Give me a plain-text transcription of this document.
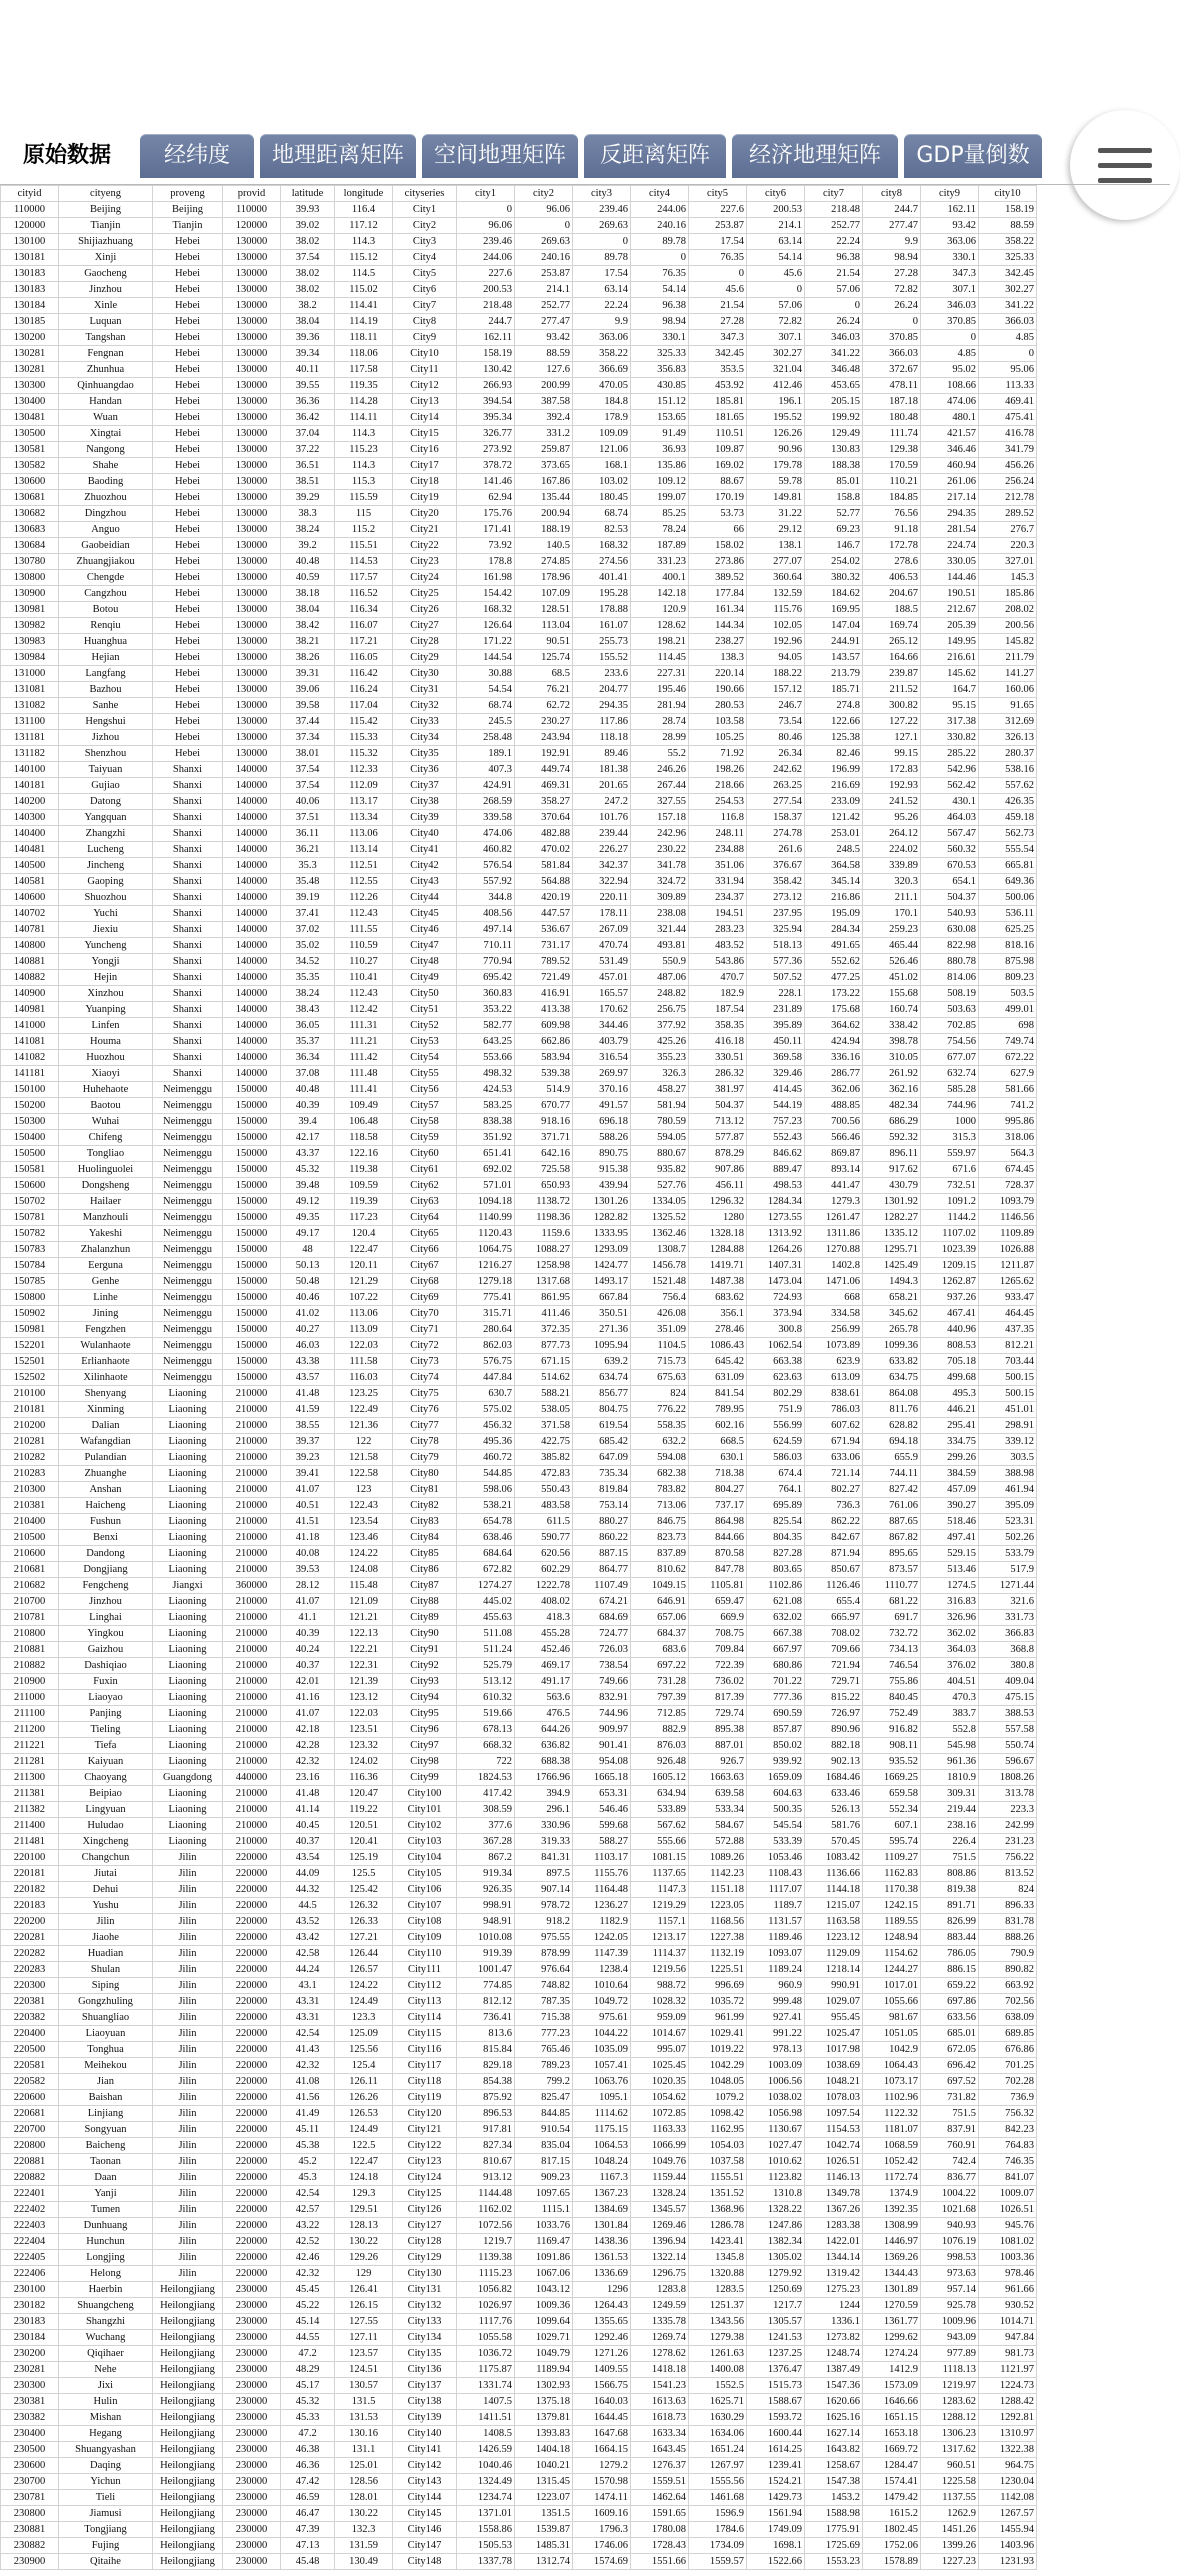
原始数据	经纬度	地理距离矩阵	空间地理矩阵	反距离矩阵	经济地理矩阵	GDP量倒数
cityid	cityeng	proveng	provid	latitude	longitude	cityseries	city1	city2	city3	city4	city5	city6	city7	city8	city9	city10
110000	Beijing	Beijing	110000	39.93	116.4	City1	0	96.06	239.46	244.06	227.6	200.53	218.48	244.7	162.11	158.19
120000	Tianjin	Tianjin	120000	39.02	117.12	City2	96.06	0	269.63	240.16	253.87	214.1	252.77	277.47	93.42	88.59
130100	Shijiazhuang	Hebei	130000	38.02	114.3	City3	239.46	269.63	0	89.78	17.54	63.14	22.24	9.9	363.06	358.22
130181	Xinji	Hebei	130000	37.54	115.12	City4	244.06	240.16	89.78	0	76.35	54.14	96.38	98.94	330.1	325.33
130183	Gaocheng	Hebei	130000	38.02	114.5	City5	227.6	253.87	17.54	76.35	0	45.6	21.54	27.28	347.3	342.45
130183	Jinzhou	Hebei	130000	38.02	115.02	City6	200.53	214.1	63.14	54.14	45.6	0	57.06	72.82	307.1	302.27
130184	Xinle	Hebei	130000	38.2	114.41	City7	218.48	252.77	22.24	96.38	21.54	57.06	0	26.24	346.03	341.22
130185	Luquan	Hebei	130000	38.04	114.19	City8	244.7	277.47	9.9	98.94	27.28	72.82	26.24	0	370.85	366.03
130200	Tangshan	Hebei	130000	39.36	118.11	City9	162.11	93.42	363.06	330.1	347.3	307.1	346.03	370.85	0	4.85
130281	Fengnan	Hebei	130000	39.34	118.06	City10	158.19	88.59	358.22	325.33	342.45	302.27	341.22	366.03	4.85	0
130281	Zhunhua	Hebei	130000	40.11	117.58	City11	130.42	127.6	366.69	356.83	353.5	321.04	346.48	372.67	95.02	95.06
130300	Qinhuangdao	Hebei	130000	39.55	119.35	City12	266.93	200.99	470.05	430.85	453.92	412.46	453.65	478.11	108.66	113.33
130400	Handan	Hebei	130000	36.36	114.28	City13	394.54	387.58	184.8	151.12	185.81	196.1	205.15	187.18	474.06	469.41
130481	Wuan	Hebei	130000	36.42	114.11	City14	395.34	392.4	178.9	153.65	181.65	195.52	199.92	180.48	480.1	475.41
130500	Xingtai	Hebei	130000	37.04	114.3	City15	326.77	331.2	109.09	91.49	110.51	126.26	129.49	111.74	421.57	416.78
130581	Nangong	Hebei	130000	37.22	115.23	City16	273.92	259.87	121.06	36.93	109.87	90.96	130.83	129.38	346.46	341.79
130582	Shahe	Hebei	130000	36.51	114.3	City17	378.72	373.65	168.1	135.86	169.02	179.78	188.38	170.59	460.94	456.26
130600	Baoding	Hebei	130000	38.51	115.3	City18	141.46	167.86	103.02	109.12	88.67	59.78	85.01	110.21	261.06	256.24
130681	Zhuozhou	Hebei	130000	39.29	115.59	City19	62.94	135.44	180.45	199.07	170.19	149.81	158.8	184.85	217.14	212.78
130682	Dingzhou	Hebei	130000	38.3	115	City20	175.76	200.94	68.74	85.25	53.73	31.22	52.77	76.56	294.35	289.52
130683	Anguo	Hebei	130000	38.24	115.2	City21	171.41	188.19	82.53	78.24	66	29.12	69.23	91.18	281.54	276.7
130684	Gaobeidian	Hebei	130000	39.2	115.51	City22	73.92	140.5	168.32	187.89	158.02	138.1	146.7	172.78	224.74	220.3
130780	Zhuangjiakou	Hebei	130000	40.48	114.53	City23	178.8	274.85	274.56	331.23	273.86	277.07	254.02	278.6	330.05	327.01
130800	Chengde	Hebei	130000	40.59	117.57	City24	161.98	178.96	401.41	400.1	389.52	360.64	380.32	406.53	144.46	145.3
130900	Cangzhou	Hebei	130000	38.18	116.52	City25	154.42	107.09	195.28	142.18	177.84	132.59	184.62	204.67	190.51	185.86
130981	Botou	Hebei	130000	38.04	116.34	City26	168.32	128.51	178.88	120.9	161.34	115.76	169.95	188.5	212.67	208.02
130982	Renqiu	Hebei	130000	38.42	116.07	City27	126.64	113.04	161.07	128.62	144.34	102.05	147.04	169.74	205.39	200.56
130983	Huanghua	Hebei	130000	38.21	117.21	City28	171.22	90.51	255.73	198.21	238.27	192.96	244.91	265.12	149.95	145.82
130984	Hejian	Hebei	130000	38.26	116.05	City29	144.54	125.74	155.52	114.45	138.3	94.05	143.57	164.66	216.61	211.79
131000	Langfang	Hebei	130000	39.31	116.42	City30	30.88	68.5	233.6	227.31	220.14	188.22	213.79	239.87	145.62	141.27
131081	Bazhou	Hebei	130000	39.06	116.24	City31	54.54	76.21	204.77	195.46	190.66	157.12	185.71	211.52	164.7	160.06
131082	Sanhe	Hebei	130000	39.58	117.04	City32	68.74	62.72	294.35	281.94	280.53	246.7	274.8	300.82	95.15	91.65
131100	Hengshui	Hebei	130000	37.44	115.42	City33	245.5	230.27	117.86	28.74	103.58	73.54	122.66	127.22	317.38	312.69
131181	Jizhou	Hebei	130000	37.34	115.33	City34	258.48	243.94	118.18	28.99	105.25	80.46	125.38	127.1	330.82	326.13
131182	Shenzhou	Hebei	130000	38.01	115.32	City35	189.1	192.91	89.46	55.2	71.92	26.34	82.46	99.15	285.22	280.37
140100	Taiyuan	Shanxi	140000	37.54	112.33	City36	407.3	449.74	181.38	246.26	198.26	242.62	196.99	172.83	542.96	538.16
140181	Gujiao	Shanxi	140000	37.54	112.09	City37	424.91	469.31	201.65	267.44	218.66	263.25	216.69	192.93	562.42	557.62
140200	Datong	Shanxi	140000	40.06	113.17	City38	268.59	358.27	247.2	327.55	254.53	277.54	233.09	241.52	430.1	426.35
140300	Yangquan	Shanxi	140000	37.51	113.34	City39	339.58	370.64	101.76	157.18	116.8	158.37	121.42	95.26	464.03	459.18
140400	Zhangzhi	Shanxi	140000	36.11	113.06	City40	474.06	482.88	239.44	242.96	248.11	274.78	253.01	264.12	567.47	562.73
140481	Lucheng	Shanxi	140000	36.21	113.14	City41	460.82	470.02	226.27	230.22	234.88	261.6	248.5	224.02	560.32	555.54
140500	Jincheng	Shanxi	140000	35.3	112.51	City42	576.54	581.84	342.37	341.78	351.06	376.67	364.58	339.89	670.53	665.81
140581	Gaoping	Shanxi	140000	35.48	112.55	City43	557.92	564.88	322.94	324.72	331.94	358.42	345.14	320.3	654.1	649.36
140600	Shuozhou	Shanxi	140000	39.19	112.26	City44	344.8	420.19	220.11	309.89	234.37	273.12	216.86	211.1	504.37	500.06
140702	Yuchi	Shanxi	140000	37.41	112.43	City45	408.56	447.57	178.11	238.08	194.51	237.95	195.09	170.1	540.93	536.11
140781	Jiexiu	Shanxi	140000	37.02	111.55	City46	497.14	536.67	267.09	321.44	283.23	325.94	284.34	259.23	630.08	625.25
140800	Yuncheng	Shanxi	140000	35.02	110.59	City47	710.11	731.17	470.74	493.81	483.52	518.13	491.65	465.44	822.98	818.16
140881	Yongji	Shanxi	140000	34.52	110.27	City48	770.94	789.52	531.49	550.9	543.86	577.36	552.62	526.46	880.78	875.98
140882	Hejin	Shanxi	140000	35.35	110.41	City49	695.42	721.49	457.01	487.06	470.7	507.52	477.25	451.02	814.06	809.23
140900	Xinzhou	Shanxi	140000	38.24	112.43	City50	360.83	416.91	165.57	248.82	182.9	228.1	173.22	155.68	508.19	503.5
140981	Yuanping	Shanxi	140000	38.43	112.42	City51	353.22	413.38	170.62	256.75	187.54	231.89	175.68	160.74	503.63	499.01
141000	Linfen	Shanxi	140000	36.05	111.31	City52	582.77	609.98	344.46	377.92	358.35	395.89	364.62	338.42	702.85	698
141081	Houma	Shanxi	140000	35.37	111.21	City53	643.25	662.86	403.79	425.26	416.18	450.11	424.94	398.78	754.56	749.74
141082	Huozhou	Shanxi	140000	36.34	111.42	City54	553.66	583.94	316.54	355.23	330.51	369.58	336.16	310.05	677.07	672.22
141181	Xiaoyi	Shanxi	140000	37.08	111.48	City55	498.32	539.38	269.97	326.3	286.32	329.46	286.77	261.92	632.74	627.9
150100	Huhehaote	Neimenggu	150000	40.48	111.41	City56	424.53	514.9	370.16	458.27	381.97	414.45	362.06	362.16	585.28	581.66
150200	Baotou	Neimenggu	150000	40.39	109.49	City57	583.25	670.77	491.57	581.94	504.37	544.19	488.85	482.34	744.96	741.2
150300	Wuhai	Neimenggu	150000	39.4	106.48	City58	838.38	918.16	696.18	780.59	713.12	757.23	700.56	686.29	1000	995.86
150400	Chifeng	Neimenggu	150000	42.17	118.58	City59	351.92	371.71	588.26	594.05	577.87	552.43	566.46	592.32	315.3	318.06
150500	Tongliao	Neimenggu	150000	43.37	122.16	City60	651.41	642.16	890.75	880.67	878.29	846.62	869.87	896.11	559.97	564.3
150581	Huolinguolei	Neimenggu	150000	45.32	119.38	City61	692.02	725.58	915.38	935.82	907.86	889.47	893.14	917.62	671.6	674.45
150600	Dongsheng	Neimenggu	150000	39.48	109.59	City62	571.01	650.93	439.94	527.76	456.11	498.53	441.47	430.79	732.51	728.37
150702	Hailaer	Neimenggu	150000	49.12	119.39	City63	1094.18	1138.72	1301.26	1334.05	1296.32	1284.34	1279.3	1301.92	1091.2	1093.79
150781	Manzhouli	Neimenggu	150000	49.35	117.23	City64	1140.99	1198.36	1282.82	1325.52	1280	1273.55	1261.47	1282.27	1144.2	1146.56
150782	Yakeshi	Neimenggu	150000	49.17	120.4	City65	1120.43	1159.6	1333.95	1362.46	1328.18	1313.92	1311.86	1335.12	1107.02	1109.89
150783	Zhalanzhun	Neimenggu	150000	48	122.47	City66	1064.75	1088.27	1293.09	1308.7	1284.88	1264.26	1270.88	1295.71	1023.39	1026.88
150784	Eerguna	Neimenggu	150000	50.13	120.11	City67	1216.27	1258.98	1424.77	1456.78	1419.71	1407.31	1402.8	1425.49	1209.15	1211.87
150785	Genhe	Neimenggu	150000	50.48	121.29	City68	1279.18	1317.68	1493.17	1521.48	1487.38	1473.04	1471.06	1494.3	1262.87	1265.62
150800	Linhe	Neimenggu	150000	40.46	107.22	City69	775.41	861.95	667.84	756.4	683.62	724.93	668	658.21	937.26	933.47
150902	Jining	Neimenggu	150000	41.02	113.06	City70	315.71	411.46	350.51	426.08	356.1	373.94	334.58	345.62	467.41	464.45
150981	Fengzhen	Neimenggu	150000	40.27	113.09	City71	280.64	372.35	271.36	351.09	278.46	300.8	256.99	265.78	440.96	437.35
152201	Wulanhaote	Neimenggu	150000	46.03	122.03	City72	862.03	877.73	1095.94	1104.5	1086.43	1062.54	1073.89	1099.36	808.53	812.21
152501	Erlianhaote	Neimenggu	150000	43.38	111.58	City73	576.75	671.15	639.2	715.73	645.42	663.38	623.9	633.82	705.18	703.44
152502	Xilinhaote	Neimenggu	150000	43.57	116.03	City74	447.84	514.62	634.74	675.63	631.09	623.63	613.09	634.75	499.68	500.15
210100	Shenyang	Liaoning	210000	41.48	123.25	City75	630.7	588.21	856.77	824	841.54	802.29	838.61	864.08	495.3	500.15
210181	Xinming	Liaoning	210000	41.59	122.49	City76	575.02	538.05	804.75	776.22	789.95	751.9	786.03	811.76	446.21	451.01
210200	Dalian	Liaoning	210000	38.55	121.36	City77	456.32	371.58	619.54	558.35	602.16	556.99	607.62	628.82	295.41	298.91
210281	Wafangdian	Liaoning	210000	39.37	122	City78	495.36	422.75	685.42	632.2	668.5	624.59	671.94	694.18	334.75	339.12
210282	Pulandian	Liaoning	210000	39.23	121.58	City79	460.72	385.82	647.09	594.08	630.1	586.03	633.06	655.9	299.26	303.5
210283	Zhuanghe	Liaoning	210000	39.41	122.58	City80	544.85	472.83	735.34	682.38	718.38	674.4	721.14	744.11	384.59	388.98
210300	Anshan	Liaoning	210000	41.07	123	City81	598.06	550.43	819.84	783.82	804.27	764.1	802.27	827.42	457.09	461.94
210381	Haicheng	Liaoning	210000	40.51	122.43	City82	538.21	483.58	753.14	713.06	737.17	695.89	736.3	761.06	390.27	395.09
210400	Fushun	Liaoning	210000	41.51	123.54	City83	654.78	611.5	880.27	846.75	864.98	825.54	862.22	887.65	518.46	523.31
210500	Benxi	Liaoning	210000	41.18	123.46	City84	638.46	590.77	860.22	823.73	844.66	804.35	842.67	867.82	497.41	502.26
210600	Dandong	Liaoning	210000	40.08	124.22	City85	684.64	620.56	887.15	837.89	870.58	827.28	871.94	895.65	529.15	533.79
210681	Dongjiang	Liaoning	210000	39.53	124.08	City86	672.82	602.29	864.77	810.62	847.78	803.65	850.67	873.57	513.46	517.9
210682	Fengcheng	Jiangxi	360000	28.12	115.48	City87	1274.27	1222.78	1107.49	1049.15	1105.81	1102.86	1126.46	1110.77	1274.5	1271.44
210700	Jinzhou	Liaoning	210000	41.07	121.09	City88	445.02	408.02	674.21	646.91	659.47	621.08	655.4	681.22	316.83	321.6
210781	Linghai	Liaoning	210000	41.1	121.21	City89	455.63	418.3	684.69	657.06	669.9	632.02	665.97	691.7	326.96	331.73
210800	Yingkou	Liaoning	210000	40.39	122.13	City90	511.08	455.28	724.77	684.37	708.75	667.38	708.02	732.72	362.02	366.83
210881	Gaizhou	Liaoning	210000	40.24	122.21	City91	511.24	452.46	726.03	683.6	709.84	667.97	709.66	734.13	364.03	368.8
210882	Dashiqiao	Liaoning	210000	40.37	122.31	City92	525.79	469.17	738.54	697.22	722.39	680.86	721.94	746.54	376.02	380.8
210900	Fuxin	Liaoning	210000	42.01	121.39	City93	513.12	491.17	749.66	731.28	736.02	701.22	729.71	755.86	404.51	409.04
211000	Liaoyao	Liaoning	210000	41.16	123.12	City94	610.32	563.6	832.91	797.39	817.39	777.36	815.22	840.45	470.3	475.15
211100	Panjing	Liaoning	210000	41.07	122.03	City95	519.66	476.5	744.96	712.85	729.74	690.59	726.97	752.49	383.7	388.53
211200	Tieling	Liaoning	210000	42.18	123.51	City96	678.13	644.26	909.97	882.9	895.38	857.87	890.96	916.82	552.8	557.58
211221	Tiefa	Liaoning	210000	42.28	123.32	City97	668.32	636.82	901.41	876.03	887.01	850.02	882.18	908.11	545.98	550.74
211281	Kaiyuan	Liaoning	210000	42.32	124.02	City98	722	688.38	954.08	926.48	926.7	939.92	902.13	935.52	961.36	596.67
211300	Chaoyang	Guangdong	440000	23.16	116.36	City99	1824.53	1766.96	1665.18	1605.12	1663.63	1659.09	1684.46	1669.25	1810.9	1808.26
211381	Beipiao	Liaoning	210000	41.48	120.47	City100	417.42	394.9	653.31	634.94	639.58	604.63	633.46	659.58	309.31	313.78
211382	Lingyuan	Liaoning	210000	41.14	119.22	City101	308.59	296.1	546.46	533.89	533.34	500.35	526.13	552.34	219.44	223.3
211400	Huludao	Liaoning	210000	40.45	120.51	City102	377.6	330.96	599.68	567.62	584.67	545.54	581.76	607.1	238.16	242.99
211481	Xingcheng	Liaoning	210000	40.37	120.41	City103	367.28	319.33	588.27	555.66	572.88	533.39	570.45	595.74	226.4	231.23
220100	Changchun	Jilin	220000	43.54	125.19	City104	867.2	841.31	1103.17	1081.15	1089.26	1053.46	1083.42	1109.27	751.5	756.22
220181	Jiutai	Jilin	220000	44.09	125.5	City105	919.34	897.5	1155.76	1137.65	1142.23	1108.43	1136.66	1162.83	808.86	813.52
220182	Dehui	Jilin	220000	44.32	125.42	City106	926.35	907.14	1164.48	1147.3	1151.18	1117.07	1144.18	1170.38	819.38	824
220183	Yushu	Jilin	220000	44.5	126.32	City107	998.91	978.72	1236.27	1219.29	1223.05	1189.7	1215.07	1242.15	891.71	896.33
220200	Jilin	Jilin	220000	43.52	126.33	City108	948.91	918.2	1182.9	1157.1	1168.56	1131.57	1163.58	1189.55	826.99	831.78
220281	Jiaohe	Jilin	220000	43.42	127.21	City109	1010.08	975.55	1242.05	1213.17	1227.38	1189.46	1223.12	1248.94	883.44	888.26
220282	Huadian	Jilin	220000	42.58	126.44	City110	919.39	878.99	1147.39	1114.37	1132.19	1093.07	1129.09	1154.62	786.05	790.9
220283	Shulan	Jilin	220000	44.24	126.57	City111	1001.47	976.64	1238.4	1219.56	1225.51	1189.24	1218.14	1244.27	886.15	890.82
220300	Siping	Jilin	220000	43.1	124.22	City112	774.85	748.82	1010.64	988.72	996.69	960.9	990.91	1017.01	659.22	663.92
220381	Gongzhuling	Jilin	220000	43.31	124.49	City113	812.12	787.35	1049.72	1028.32	1035.72	999.48	1029.07	1055.66	697.86	702.56
220382	Shuangliao	Jilin	220000	43.31	123.3	City114	736.41	715.38	975.61	959.09	961.99	927.41	955.45	981.67	633.56	638.09
220400	Liaoyuan	Jilin	220000	42.54	125.09	City115	813.6	777.23	1044.22	1014.67	1029.41	991.22	1025.47	1051.05	685.01	689.85
220500	Tonghua	Jilin	220000	41.43	125.56	City116	815.84	765.46	1035.09	995.07	1019.22	978.13	1017.98	1042.9	672.05	676.86
220581	Meihekou	Jilin	220000	42.32	125.4	City117	829.18	789.23	1057.41	1025.45	1042.29	1003.09	1038.69	1064.43	696.42	701.25
220582	Jian	Jilin	220000	41.08	126.11	City118	854.38	799.2	1063.76	1020.35	1048.05	1006.56	1048.21	1073.17	697.52	702.28
220600	Baishan	Jilin	220000	41.56	126.26	City119	875.92	825.47	1095.1	1054.62	1079.2	1038.02	1078.03	1102.96	731.82	736.9
220681	Linjiang	Jilin	220000	41.49	126.53	City120	896.53	844.85	1114.62	1072.85	1098.42	1056.98	1097.54	1122.32	751.5	756.32
220700	Songyuan	Jilin	220000	45.11	124.49	City121	917.81	910.54	1175.15	1163.33	1162.95	1130.67	1154.53	1181.07	837.91	842.23
220800	Baicheng	Jilin	220000	45.38	122.5	City122	827.34	835.04	1064.53	1066.99	1054.03	1027.47	1042.74	1068.59	760.91	764.83
220881	Taonan	Jilin	220000	45.2	122.47	City123	810.67	817.15	1048.24	1049.76	1037.58	1010.62	1026.51	1052.42	742.4	746.35
220882	Daan	Jilin	220000	45.3	124.18	City124	913.12	909.23	1167.3	1159.44	1155.51	1123.82	1146.13	1172.74	836.77	841.07
222401	Yanji	Jilin	220000	42.54	129.3	City125	1144.48	1097.65	1367.23	1328.24	1351.52	1310.8	1349.78	1374.9	1004.22	1009.07
222402	Tumen	Jilin	220000	42.57	129.51	City126	1162.02	1115.1	1384.69	1345.57	1368.96	1328.22	1367.26	1392.35	1021.68	1026.51
222403	Dunhuang	Jilin	220000	43.22	128.13	City127	1072.56	1033.76	1301.84	1269.46	1286.78	1247.86	1283.38	1308.99	940.93	945.76
222404	Hunchun	Jilin	220000	42.52	130.22	City128	1219.7	1169.47	1438.36	1396.94	1423.41	1382.34	1422.01	1446.97	1076.19	1081.02
222405	Longjing	Jilin	220000	42.46	129.26	City129	1139.38	1091.86	1361.53	1322.14	1345.8	1305.02	1344.14	1369.26	998.53	1003.36
222406	Helong	Jilin	220000	42.32	129	City130	1115.23	1067.06	1336.69	1296.75	1320.88	1279.92	1319.42	1344.43	973.63	978.46
230100	Haerbin	Heilongjiang	230000	45.45	126.41	City131	1056.82	1043.12	1296	1283.8	1283.5	1250.69	1275.23	1301.89	957.14	961.66
230182	Shuangcheng	Heilongjiang	230000	45.22	126.15	City132	1026.97	1009.36	1264.43	1249.59	1251.37	1217.7	1244	1270.59	925.78	930.52
230183	Shangzhi	Heilongjiang	230000	45.14	127.55	City133	1117.76	1099.64	1355.65	1335.78	1343.56	1305.57	1336.1	1361.77	1009.96	1014.71
230184	Wuchang	Heilongjiang	230000	44.55	127.11	City134	1055.58	1029.71	1292.46	1269.74	1279.38	1241.53	1273.82	1299.62	943.09	947.84
230200	Qiqihaer	Heilongjiang	230000	47.2	123.57	City135	1036.72	1049.79	1271.26	1278.62	1261.63	1237.25	1248.74	1274.24	977.89	981.73
230281	Nehe	Heilongjiang	230000	48.29	124.51	City136	1175.87	1189.94	1409.55	1418.18	1400.08	1376.47	1387.49	1412.9	1118.13	1121.97
230300	Jixi	Heilongjiang	230000	45.17	130.57	City137	1331.74	1302.93	1566.75	1541.23	1552.5	1515.73	1547.36	1573.09	1219.97	1224.73
230381	Hulin	Heilongjiang	230000	45.32	131.5	City138	1407.5	1375.18	1640.03	1613.63	1625.71	1588.67	1620.66	1646.66	1283.62	1288.42
230382	Mishan	Heilongjiang	230000	45.33	131.53	City139	1411.51	1379.81	1644.45	1618.73	1630.29	1593.72	1625.16	1651.15	1288.12	1292.81
230400	Hegang	Heilongjiang	230000	47.2	130.16	City140	1408.5	1393.83	1647.68	1633.34	1634.06	1600.44	1627.14	1653.18	1306.23	1310.97
230500	Shuangyashan	Heilongjiang	230000	46.38	131.1	City141	1426.59	1404.18	1664.15	1643.45	1651.24	1614.25	1643.82	1669.72	1317.62	1322.38
230600	Daqing	Heilongjiang	230000	46.36	125.01	City142	1040.46	1040.21	1279.2	1276.37	1267.97	1239.41	1258.67	1284.47	960.51	964.75
230700	Yichun	Heilongjiang	230000	47.42	128.56	City143	1324.49	1315.45	1570.98	1559.51	1555.56	1524.21	1547.38	1574.41	1225.58	1230.04
230781	Tieli	Heilongjiang	230000	46.59	128.01	City144	1234.74	1223.07	1474.11	1462.64	1461.68	1429.73	1453.2	1479.42	1137.55	1142.08
230800	Jiamusi	Heilongjiang	230000	46.47	130.22	City145	1371.01	1351.5	1609.16	1591.65	1596.9	1561.94	1588.98	1615.2	1262.9	1267.57
230881	Tongjiang	Heilongjiang	230000	47.39	132.3	City146	1558.86	1539.87	1796.3	1780.08	1784.6	1749.09	1775.91	1802.45	1451.26	1455.94
230882	Fujing	Heilongjiang	230000	47.13	131.59	City147	1505.53	1485.31	1746.06	1728.43	1734.09	1698.1	1725.69	1752.06	1399.26	1403.96
230900	Qitaihe	Heilongjiang	230000	45.48	130.49	City148	1337.78	1312.74	1574.69	1551.66	1559.57	1522.66	1553.23	1578.89	1227.23	1231.93
